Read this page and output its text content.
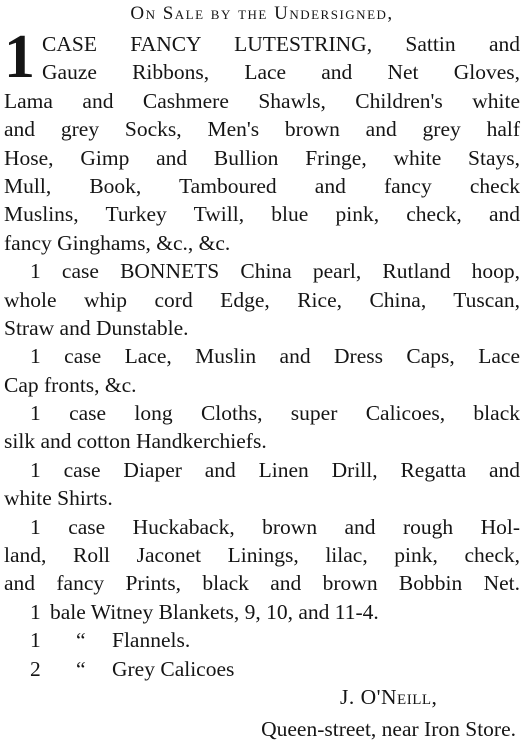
On Sale by the Undersigned,
1 CASE FANCY LUTESTRING, Sattin and
Gauze Ribbons, Lace and Net Gloves,
Lama and Cashmere Shawls, Children's white
and grey Socks, Men's brown and grey half
Hose, Gimp and Bullion Fringe, white Stays,
Mull, Book, Tamboured and fancy check
Muslins, Turkey Twill, blue pink, check, and
fancy Ginghams, &c., &c.
1 case BONNETS China pearl, Rutland hoop,
whole whip cord Edge, Rice, China, Tuscan,
Straw and Dunstable.
1 case Lace, Muslin and Dress Caps, Lace
Cap fronts, &c.
1 case long Cloths, super Calicoes, black
silk and cotton Handkerchiefs.
1 case Diaper and Linen Drill, Regatta and
white Shirts.
1 case Huckaback, brown and rough Hol-
land, Roll Jaconet Linings, lilac, pink, check,
and fancy Prints, black and brown Bobbin Net.
1 bale Witney Blankets, 9, 10, and 11-4.
1 “ Flannels.
2 “ Grey Calicoes
J. O'Neill,
Queen-street, near Iron Store.
